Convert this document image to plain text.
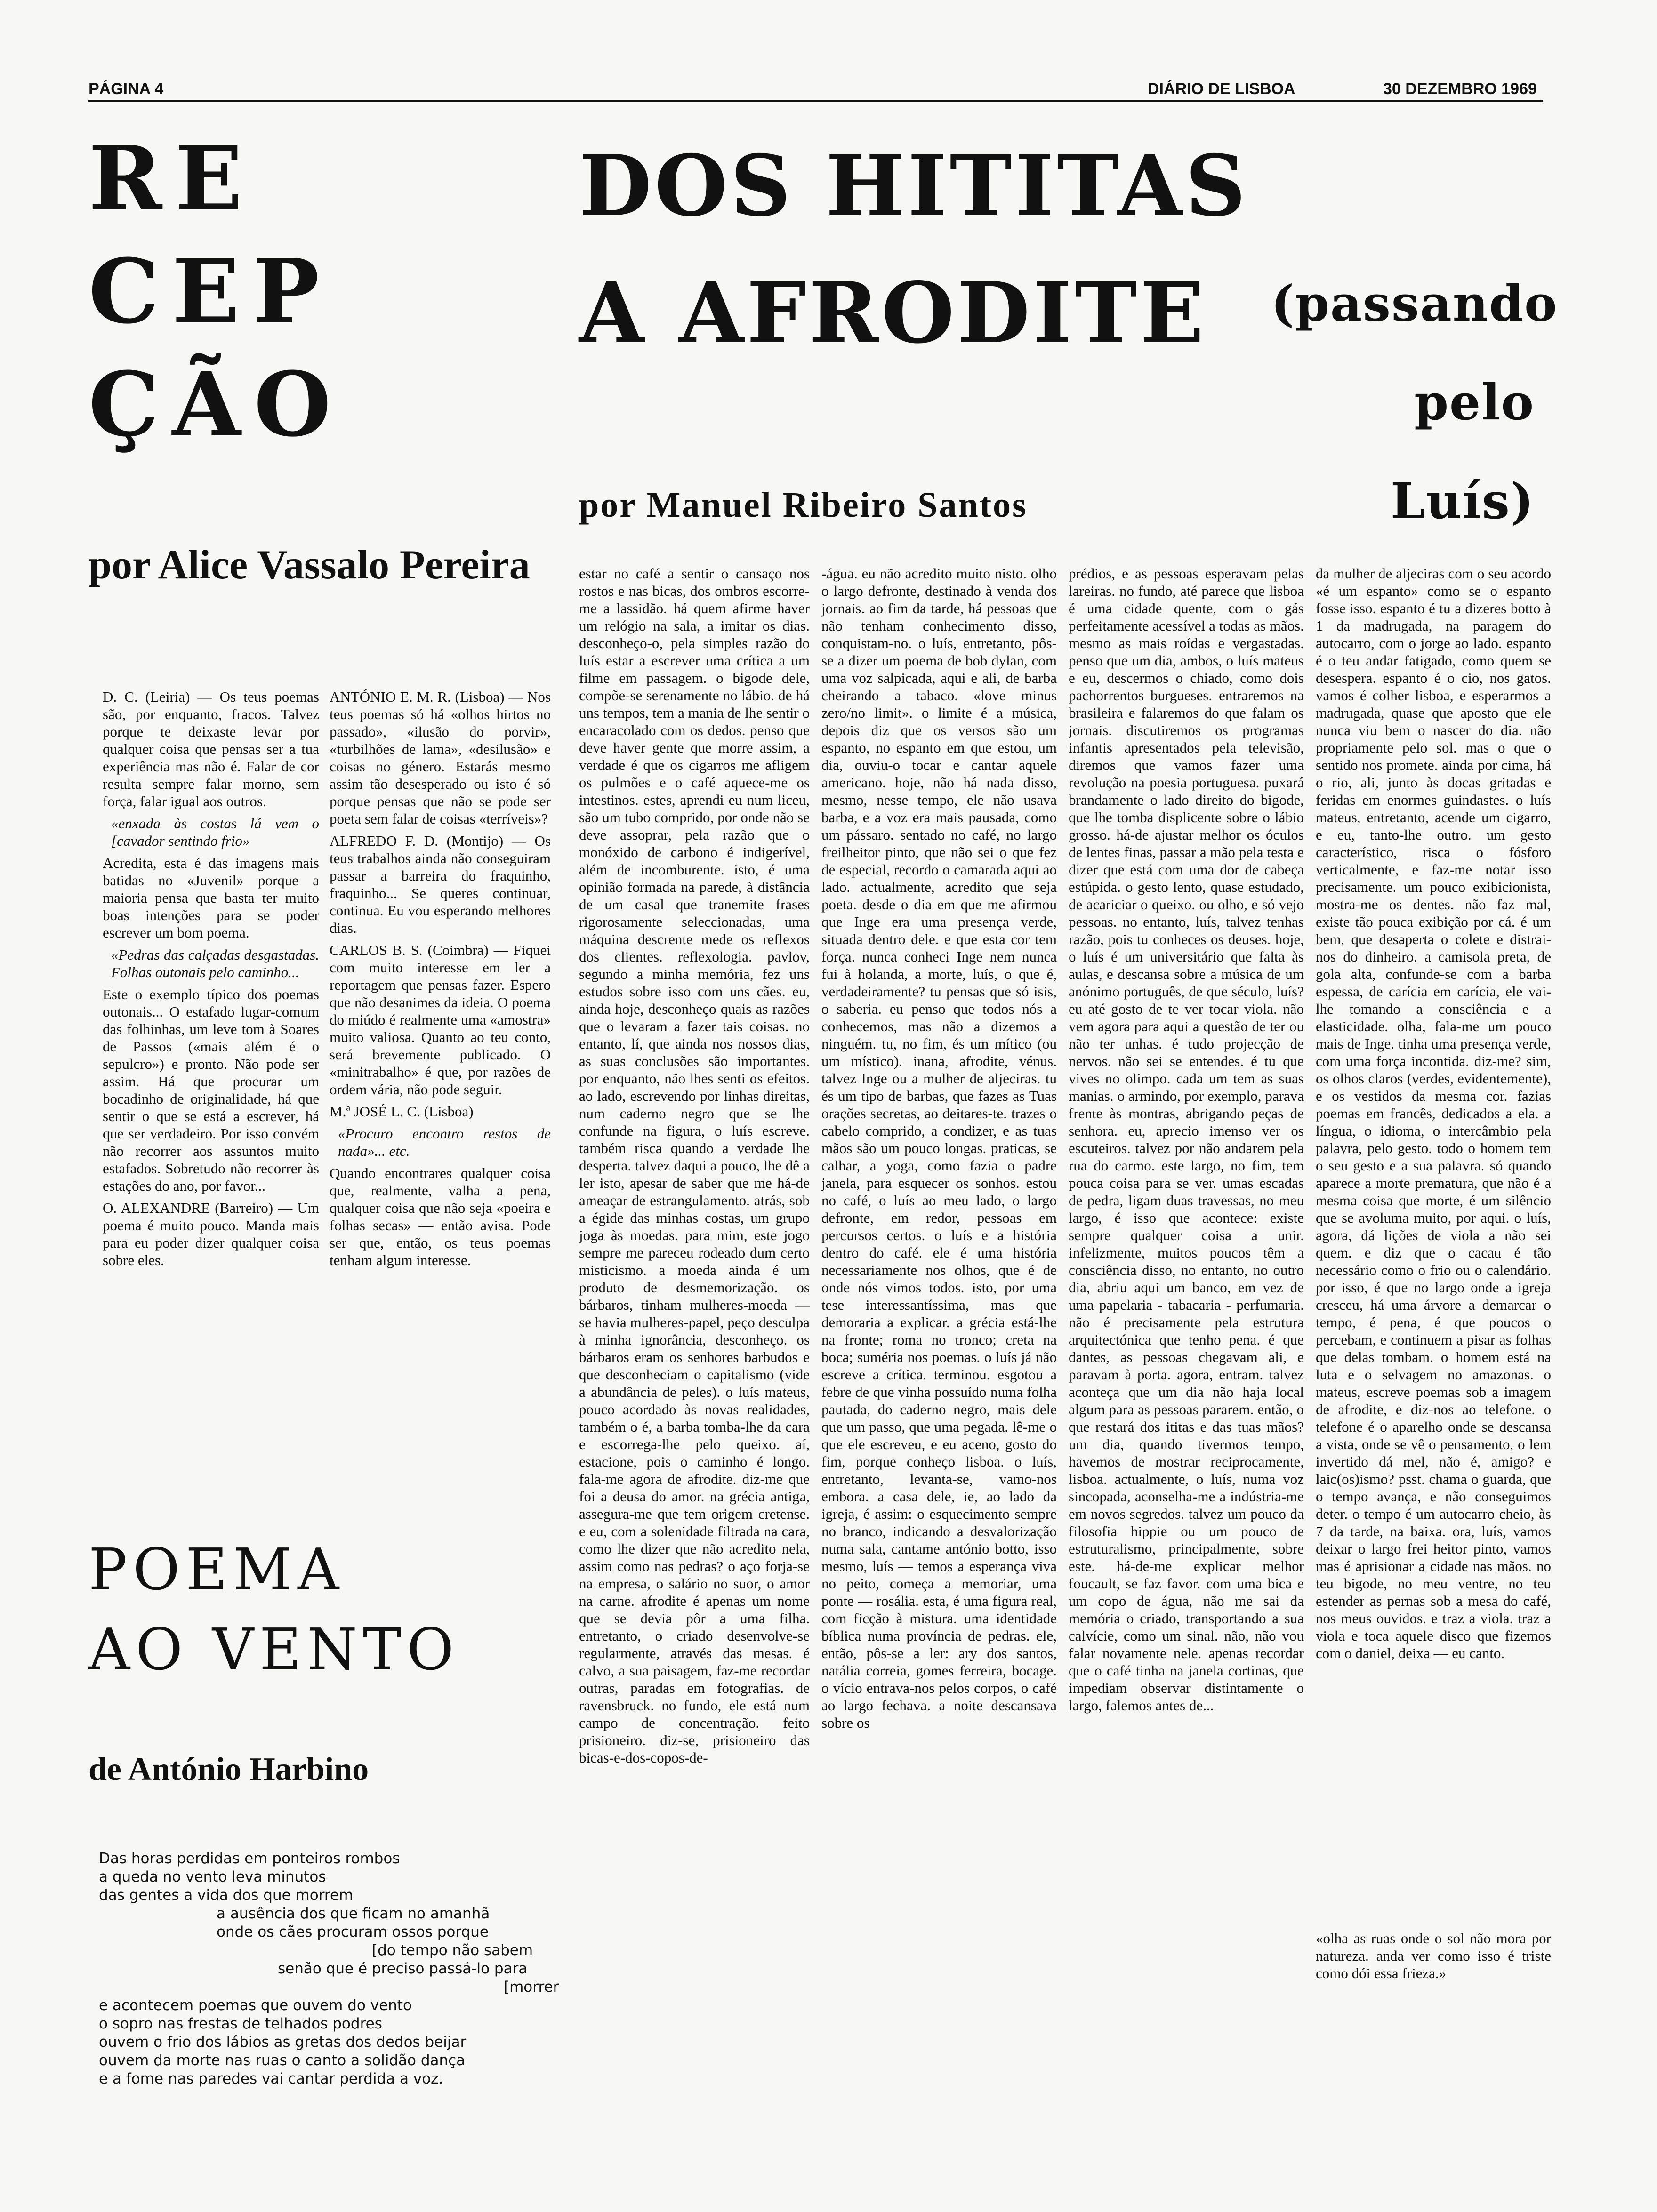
PÁGINA 4	DIÁRIO DE LISBOA	30 DEZEMBRO 1969
RE
CEP
ÇÃO
por Alice Vassalo Pereira
DOS HITITAS
A AFRODITE	(passando
pelo Luís)
por Manuel Ribeiro Santos

D. C. (Leiria) — Os teus poemas são, por enquanto, fracos. Talvez porque te deixaste levar por qualquer coisa que pensas ser a tua experiência mas não é. Falar de cor resulta sempre falar morno, sem força, falar igual aos outros.

«enxada às costas lá vem o [cavador sentindo frio»

Acredita, esta é das imagens mais batidas no «Juvenil» porque a maioria pensa que basta ter muito boas intenções para se poder escrever um bom poema.

«Pedras das calçadas desgastadas. Folhas outonais pelo caminho...

Este o exemplo típico dos poemas outonais... O estafado lugar-comum das folhinhas, um leve tom à Soares de Passos («mais além é o sepulcro») e pronto. Não pode ser assim. Há que procurar um bocadinho de originalidade, há que sentir o que se está a escrever, há que ser verdadeiro. Por isso convém não recorrer aos assuntos muito estafados. Sobretudo não recorrer às estações do ano, por favor...

O. ALEXANDRE (Barreiro) — Um poema é muito pouco. Manda mais para eu poder dizer qualquer coisa sobre eles.

ANTÓNIO E. M. R. (Lisboa) — Nos teus poemas só há «olhos hirtos no passado», «ilusão do porvir», «turbilhões de lama», «desilusão» e coisas no género. Estarás mesmo assim tão desesperado ou isto é só porque pensas que não se pode ser poeta sem falar de coisas «terríveis»?

ALFREDO F. D. (Montijo) — Os teus trabalhos ainda não conseguiram passar a barreira do fraquinho, fraquinho... Se queres continuar, continua. Eu vou esperando melhores dias.

CARLOS B. S. (Coimbra) — Fiquei com muito interesse em ler a reportagem que pensas fazer. Espero que não desanimes da ideia. O poema do miúdo é realmente uma «amostra» muito valiosa. Quanto ao teu conto, será brevemente publicado. O «minitrabalho» é que, por razões de ordem vária, não pode seguir.

M.ª JOSÉ L. C. (Lisboa)

«Procuro encontro restos de nada»... etc.

Quando encontrares qualquer coisa que, realmente, valha a pena, qualquer coisa que não seja «poeira e folhas secas» — então avisa. Pode ser que, então, os teus poemas tenham algum interesse.

estar no café a sentir o cansaço nos rostos e nas bicas, dos ombros escorre-me a lassidão. há quem afirme haver um relógio na sala, a imitar os dias. desconheço-o, pela simples razão do luís estar a escrever uma crítica a um filme em passagem. o bigode dele, compõe-se serenamente no lábio. de há uns tempos, tem a mania de lhe sentir o encaracolado com os dedos. penso que deve haver gente que morre assim, a verdade é que os cigarros me afligem os pulmões e o café aquece-me os intestinos. estes, aprendi eu num liceu, são um tubo comprido, por onde não se deve assoprar, pela razão que o monóxido de carbono é indigerível, além de incomburente. isto, é uma opinião formada na parede, à distância de um casal que tranemite frases rigorosamente seleccionadas, uma máquina descrente mede os reflexos dos clientes. reflexologia. pavlov, segundo a minha memória, fez uns estudos sobre isso com uns cães. eu, ainda hoje, desconheço quais as razões que o levaram a fazer tais coisas. no entanto, lí, que ainda nos nossos dias, as suas conclusões são importantes. por enquanto, não lhes senti os efeitos. ao lado, escrevendo por linhas direitas, num caderno negro que se lhe confunde na figura, o luís escreve. também risca quando a verdade lhe desperta. talvez daqui a pouco, lhe dê a ler isto, apesar de saber que me há-de ameaçar de estrangulamento. atrás, sob a égide das minhas costas, um grupo joga às moedas. para mim, este jogo sempre me pareceu rodeado dum certo misticismo. a moeda ainda é um produto de desmemorização. os bárbaros, tinham mulheres-moeda — se havia mulheres-papel, peço desculpa à minha ignorância, desconheço. os bárbaros eram os senhores barbudos e que desconheciam o capitalismo (vide a abundância de peles). o luís mateus, pouco acordado às novas realidades, também o é, a barba tomba-lhe da cara e escorrega-lhe pelo queixo. aí, estacione, pois o caminho é longo. fala-me agora de afrodite. diz-me que foi a deusa do amor. na grécia antiga, assegura-me que tem origem cretense. e eu, com a solenidade filtrada na cara, como lhe dizer que não acredito nela, assim como nas pedras? o aço forja-se na empresa, o salário no suor, o amor na carne. afrodite é apenas um nome que se devia pôr a uma filha. entretanto, o criado desenvolve-se regularmente, através das mesas. é calvo, a sua paisagem, faz-me recordar outras, paradas em fotografias. de ravensbruck. no fundo, ele está num campo de concentração. feito prisioneiro. diz-se, prisioneiro das bicas-e-dos-copos-de-
-água. eu não acredito muito nisto. olho o largo defronte, destinado à venda dos jornais. ao fim da tarde, há pessoas que não tenham conhecimento disso, conquistam-no. o luís, entretanto, pôs-se a dizer um poema de bob dylan, com uma voz salpicada, aqui e ali, de barba cheirando a tabaco. «love minus zero/no limit». o limite é a música, depois diz que os versos são um espanto, no espanto em que estou, um dia, ouviu-o tocar e cantar aquele americano. hoje, não há nada disso, mesmo, nesse tempo, ele não usava barba, e a voz era mais pausada, como um pássaro. sentado no café, no largo freilheitor pinto, que não sei o que fez de especial, recordo o camarada aqui ao lado. actualmente, acredito que seja poeta. desde o dia em que me afirmou que Inge era uma presença verde, situada dentro dele. e que esta cor tem força. nunca conheci Inge nem nunca fui à holanda, a morte, luís, o que é, verdadeiramente? tu pensas que só isis, o saberia. eu penso que todos nós a conhecemos, mas não a dizemos a ninguém. tu, no fim, és um mítico (ou um místico). inana, afrodite, vénus. talvez Inge ou a mulher de aljeciras. tu és um tipo de barbas, que fazes as Tuas orações secretas, ao deitares-te. trazes o cabelo comprido, a condizer, e as tuas mãos são um pouco longas. praticas, se calhar, a yoga, como fazia o padre janela, para esquecer os sonhos. estou no café, o luís ao meu lado, o largo defronte, em redor, pessoas em percursos certos. o luís e a história dentro do café. ele é uma história necessariamente nos olhos, que é de onde nós vimos todos. isto, por uma tese interessantíssima, mas que demoraria a explicar. a grécia está-lhe na fronte; roma no tronco; creta na boca; suméria nos poemas. o luís já não escreve a crítica. terminou. esgotou a febre de que vinha possuído numa folha pautada, do caderno negro, mais dele que um passo, que uma pegada. lê-me o que ele escreveu, e eu aceno, gosto do fim, porque conheço lisboa. o luís, entretanto, levanta-se, vamo-nos embora. a casa dele, ie, ao lado da igreja, é assim: o esquecimento sempre no branco, indicando a desvalorização numa sala, cantame antónio botto, isso mesmo, luís — temos a esperança viva no peito, começa a memoriar, uma ponte — rosália. esta, é uma figura real, com ficção à mistura. uma identidade bíblica numa província de pedras. ele, então, pôs-se a ler: ary dos santos, natália correia, gomes ferreira, bocage. o vício entrava-nos pelos corpos, o café ao largo fechava. a noite descansava sobre os
prédios, e as pessoas esperavam pelas lareiras. no fundo, até parece que lisboa é uma cidade quente, com o gás perfeitamente acessível a todas as mãos. mesmo as mais roídas e vergastadas. penso que um dia, ambos, o luís mateus e eu, descermos o chiado, como dois pachorrentos burgueses. entraremos na brasileira e falaremos do que falam os jornais. discutiremos os programas infantis apresentados pela televisão, diremos que vamos fazer uma revolução na poesia portuguesa. puxará brandamente o lado direito do bigode, que lhe tomba displicente sobre o lábio grosso. há-de ajustar melhor os óculos de lentes finas, passar a mão pela testa e dizer que está com uma dor de cabeça estúpida. o gesto lento, quase estudado, de acariciar o queixo. ou olho, e só vejo pessoas. no entanto, luís, talvez tenhas razão, pois tu conheces os deuses. hoje, o luís é um universitário que falta às aulas, e descansa sobre a música de um anónimo português, de que século, luís? eu até gosto de te ver tocar viola. não vem agora para aqui a questão de ter ou não ter unhas. é tudo projecção de nervos. não sei se entendes. é tu que vives no olimpo. cada um tem as suas manias. o armindo, por exemplo, parava frente às montras, abrigando peças de senhora. eu, aprecio imenso ver os escuteiros. talvez por não andarem pela rua do carmo. este largo, no fim, tem pouca coisa para se ver. umas escadas de pedra, ligam duas travessas, no meu largo, é isso que acontece: existe sempre qualquer coisa a unir. infelizmente, muitos poucos têm a consciência disso, no entanto, no outro dia, abriu aqui um banco, em vez de uma papelaria - tabacaria - perfumaria. não é precisamente pela estrutura arquitectónica que tenho pena. é que dantes, as pessoas chegavam ali, e paravam à porta. agora, entram. talvez aconteça que um dia não haja local algum para as pessoas pararem. então, o que restará dos ititas e das tuas mãos? um dia, quando tivermos tempo, havemos de mostrar reciprocamente, lisboa. actualmente, o luís, numa voz sincopada, aconselha-me a indústria-me em novos segredos. talvez um pouco da filosofia hippie ou um pouco de estruturalismo, principalmente, sobre este. há-de-me explicar melhor foucault, se faz favor. com uma bica e um copo de água, não me sai da memória o criado, transportando a sua calvície, como um sinal. não, não vou falar novamente nele. apenas recordar que o café tinha na janela cortinas, que impediam observar distintamente o largo, falemos antes de...
da mulher de aljeciras com o seu acordo «é um espanto» como se o espanto fosse isso. espanto é tu a dizeres botto à 1 da madrugada, na paragem do autocarro, com o jorge ao lado. espanto é o teu andar fatigado, como quem se desespera. espanto é o cio, nos gatos. vamos é colher lisboa, e esperarmos a madrugada, quase que aposto que ele nunca viu bem o nascer do dia. não propriamente pelo sol. mas o que o sentido nos promete. ainda por cima, há o rio, ali, junto às docas gritadas e feridas em enormes guindastes. o luís mateus, entretanto, acende um cigarro, e eu, tanto-lhe outro. um gesto característico, risca o fósforo verticalmente, e faz-me notar isso precisamente. um pouco exibicionista, mostra-me os dentes. não faz mal, existe tão pouca exibição por cá. é um bem, que desaperta o colete e distrai-nos do dinheiro. a camisola preta, de gola alta, confunde-se com a barba espessa, de carícia em carícia, ele vai-lhe tomando a consciência e a elasticidade. olha, fala-me um pouco mais de Inge. tinha uma presença verde, com uma força incontida. diz-me? sim, os olhos claros (verdes, evidentemente), e os vestidos da mesma cor. fazias poemas em francês, dedicados a ela. a língua, o idioma, o intercâmbio pela palavra, pelo gesto. todo o homem tem o seu gesto e a sua palavra. só quando aparece a morte prematura, que não é a mesma coisa que morte, é um silêncio que se avoluma muito, por aqui. o luís, agora, dá lições de viola a não sei quem. e diz que o cacau é tão necessário como o frio ou o calendário. por isso, é que no largo onde a igreja cresceu, há uma árvore a demarcar o tempo, é pena, é que poucos o percebam, e continuem a pisar as folhas que delas tombam. o homem está na luta e o selvagem no amazonas. o mateus, escreve poemas sob a imagem de afrodite, e diz-nos ao telefone. o telefone é o aparelho onde se descansa a vista, onde se vê o pensamento, o lem invertido dá mel, não é, amigo? e laic(os)ismo? psst. chama o guarda, que o tempo avança, e não conseguimos deter. o tempo é um autocarro cheio, às 7 da tarde, na baixa. ora, luís, vamos deixar o largo frei heitor pinto, vamos mas é aprisionar a cidade nas mãos. no teu bigode, no meu ventre, no teu estender as pernas sob a mesa do café, nos meus ouvidos. e traz a viola. traz a viola e toca aquele disco que fizemos com o daniel, deixa — eu canto.
«olha as ruas onde o sol não mora por natureza. anda ver como isso é triste como dói essa frieza.»
POEMA
AO VENTO
de António Harbino
Das horas perdidas em ponteiros rombos
a queda no vento leva minutos
das gentes a vida dos que morrem
a ausência dos que ficam no amanhã
onde os cães procuram ossos porque
[do tempo não sabem
senão que é preciso passá-lo para
[morrer
e acontecem poemas que ouvem do vento
o sopro nas frestas de telhados podres
ouvem o frio dos lábios as gretas dos dedos beijar
ouvem da morte nas ruas o canto a solidão dança
e a fome nas paredes vai cantar perdida a voz.
